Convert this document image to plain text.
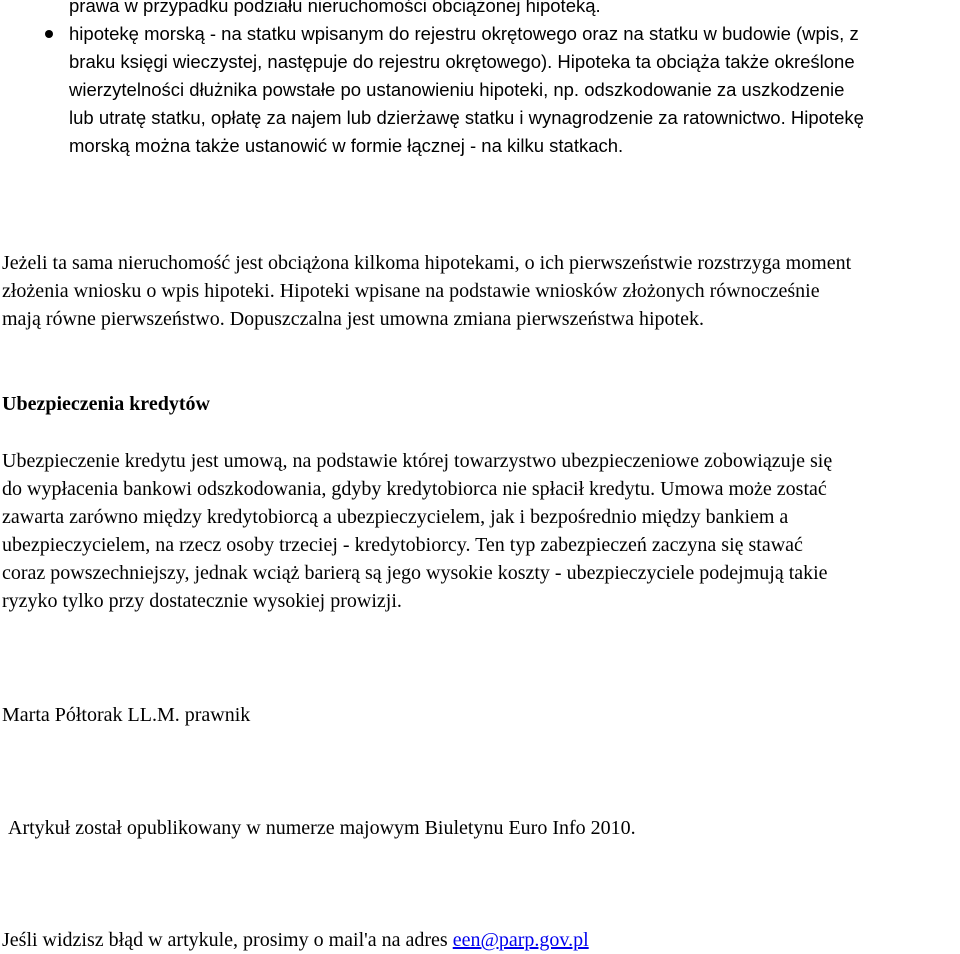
prawa w przypadku podziału nieruchomości obciążonej hipoteką.
hipotekę morską - na statku wpisanym do rejestru okrętowego oraz na statku w budowie (wpis, z
braku księgi wieczystej, następuje do rejestru okrętowego). Hipoteka ta obciąża także określone
wierzytelności dłużnika powstałe po ustanowieniu hipoteki, np. odszkodowanie za uszkodzenie
lub utratę statku, opłatę za najem lub dzierżawę statku i wynagrodzenie za ratownictwo. Hipotekę
morską można także ustanowić w formie łącznej - na kilku statkach.

Jeżeli ta sama nieruchomość jest obciążona kilkoma hipotekami, o ich pierwszeństwie rozstrzyga moment
złożenia wniosku o wpis hipoteki. Hipoteki wpisane na podstawie wniosków złożonych równocześnie
mają równe pierwszeństwo. Dopuszczalna jest umowna zmiana pierwszeństwa hipotek.

Ubezpieczenia kredytów

Ubezpieczenie kredytu jest umową, na podstawie której towarzystwo ubezpieczeniowe zobowiązuje się
do wypłacenia bankowi odszkodowania, gdyby kredytobiorca nie spłacił kredytu. Umowa może zostać
zawarta zarówno między kredytobiorcą a ubezpieczycielem, jak i bezpośrednio między bankiem a
ubezpieczycielem, na rzecz osoby trzeciej - kredytobiorcy. Ten typ zabezpieczeń zaczyna się stawać
coraz powszechniejszy, jednak wciąż barierą są jego wysokie koszty - ubezpieczyciele podejmują takie
ryzyko tylko przy dostatecznie wysokiej prowizji.

Marta Półtorak LL.M. prawnik

Artykuł został opublikowany w numerze majowym Biuletynu Euro Info 2010.

Jeśli widzisz błąd w artykule, prosimy o mail'a na adres een@parp.gov.pl
